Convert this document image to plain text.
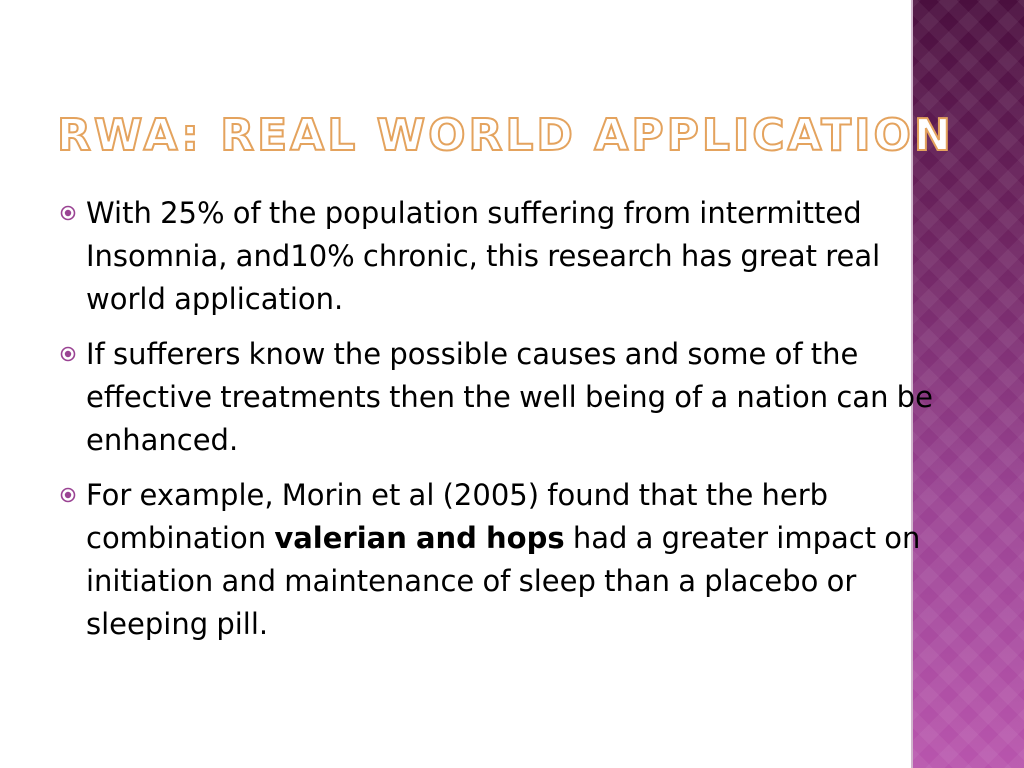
RWA: REAL WORLD APPLICATION
With 25% of the population suffering from intermitted Insomnia, and10% chronic, this research has great real world application.
If sufferers know the possible causes and some of the effective treatments then the well being of a nation can be enhanced.
For example, Morin et al (2005) found that the herb combination valerian and hops had a greater impact on initiation and maintenance of sleep than a placebo or sleeping pill.
